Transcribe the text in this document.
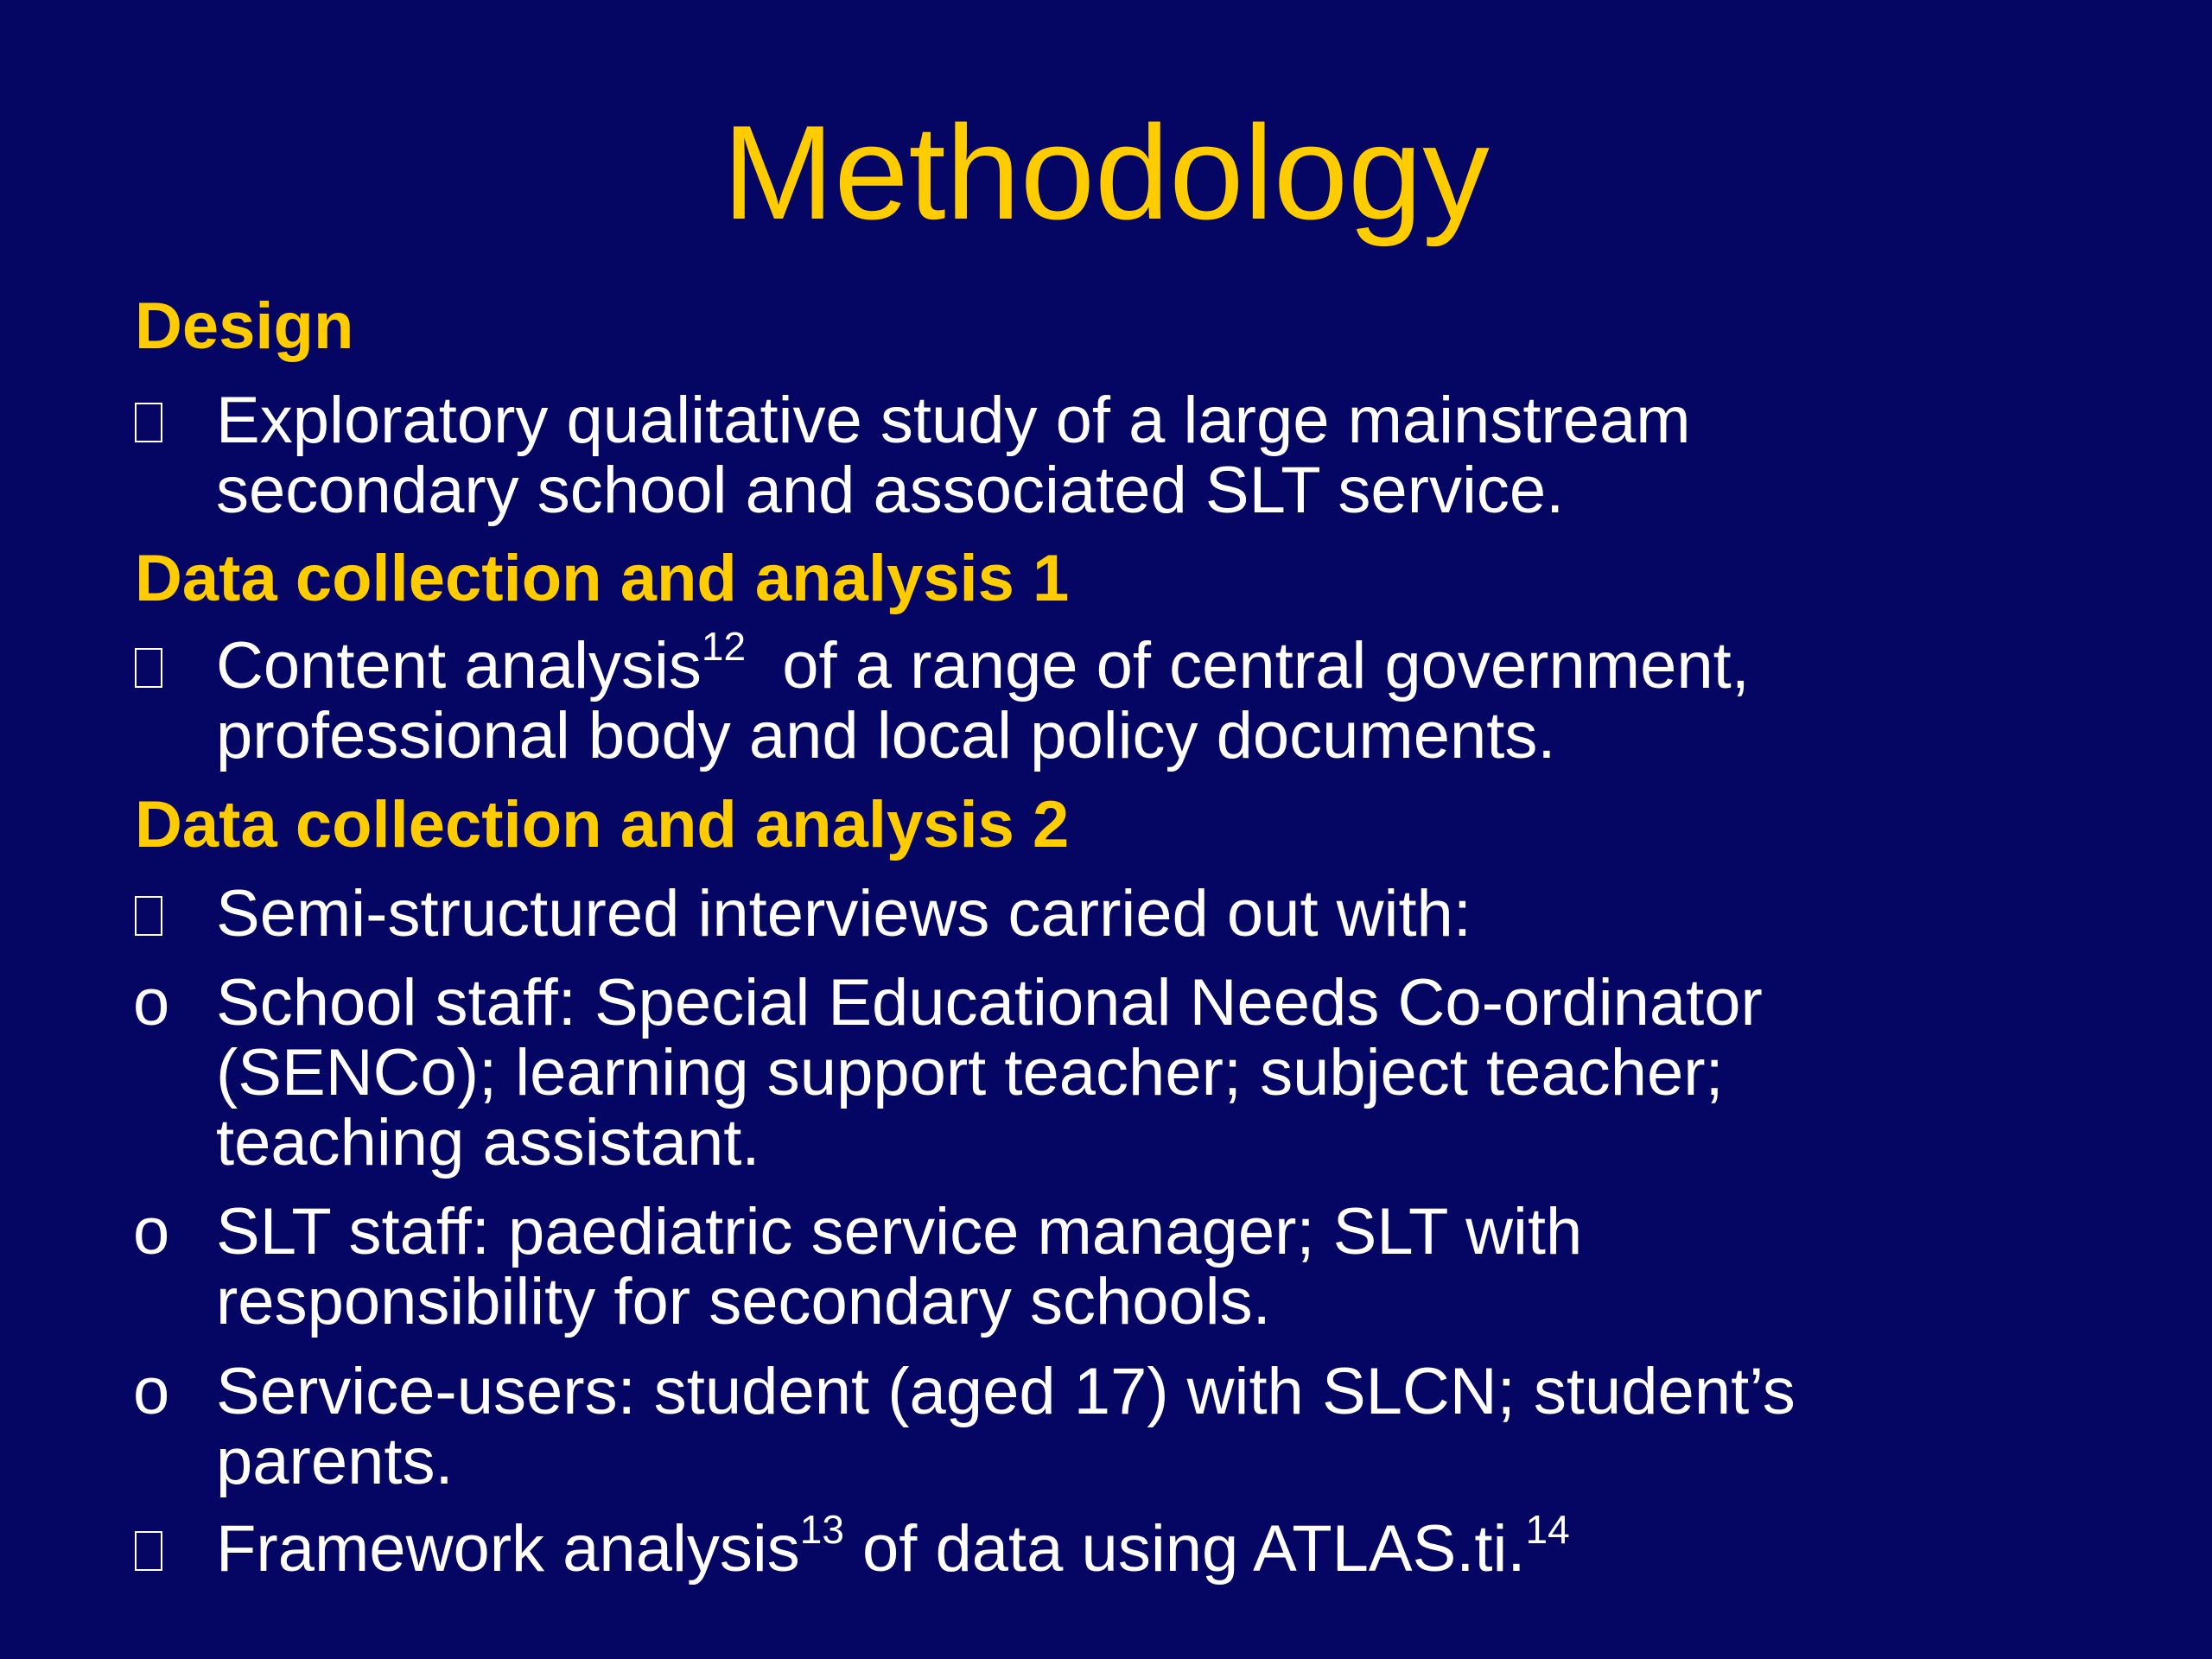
Methodology
Design
Exploratory qualitative study of a large mainstream
secondary school and associated SLT service.
Data collection and analysis 1
Content analysis$^{12}$  of a range of central government,
professional body and local policy documents.
Data collection and analysis 2
Semi-structured interviews carried out with:
o School staff: Special Educational Needs Co-ordinator
(SENCo); learning support teacher; subject teacher;
teaching assistant.
o SLT staff: paediatric service manager; SLT with
responsibility for secondary schools.
o Service-users: student (aged 17) with SLCN; student’s
parents.
Framework analysis$^{13}$ of data using ATLAS.ti.$^{14}$
